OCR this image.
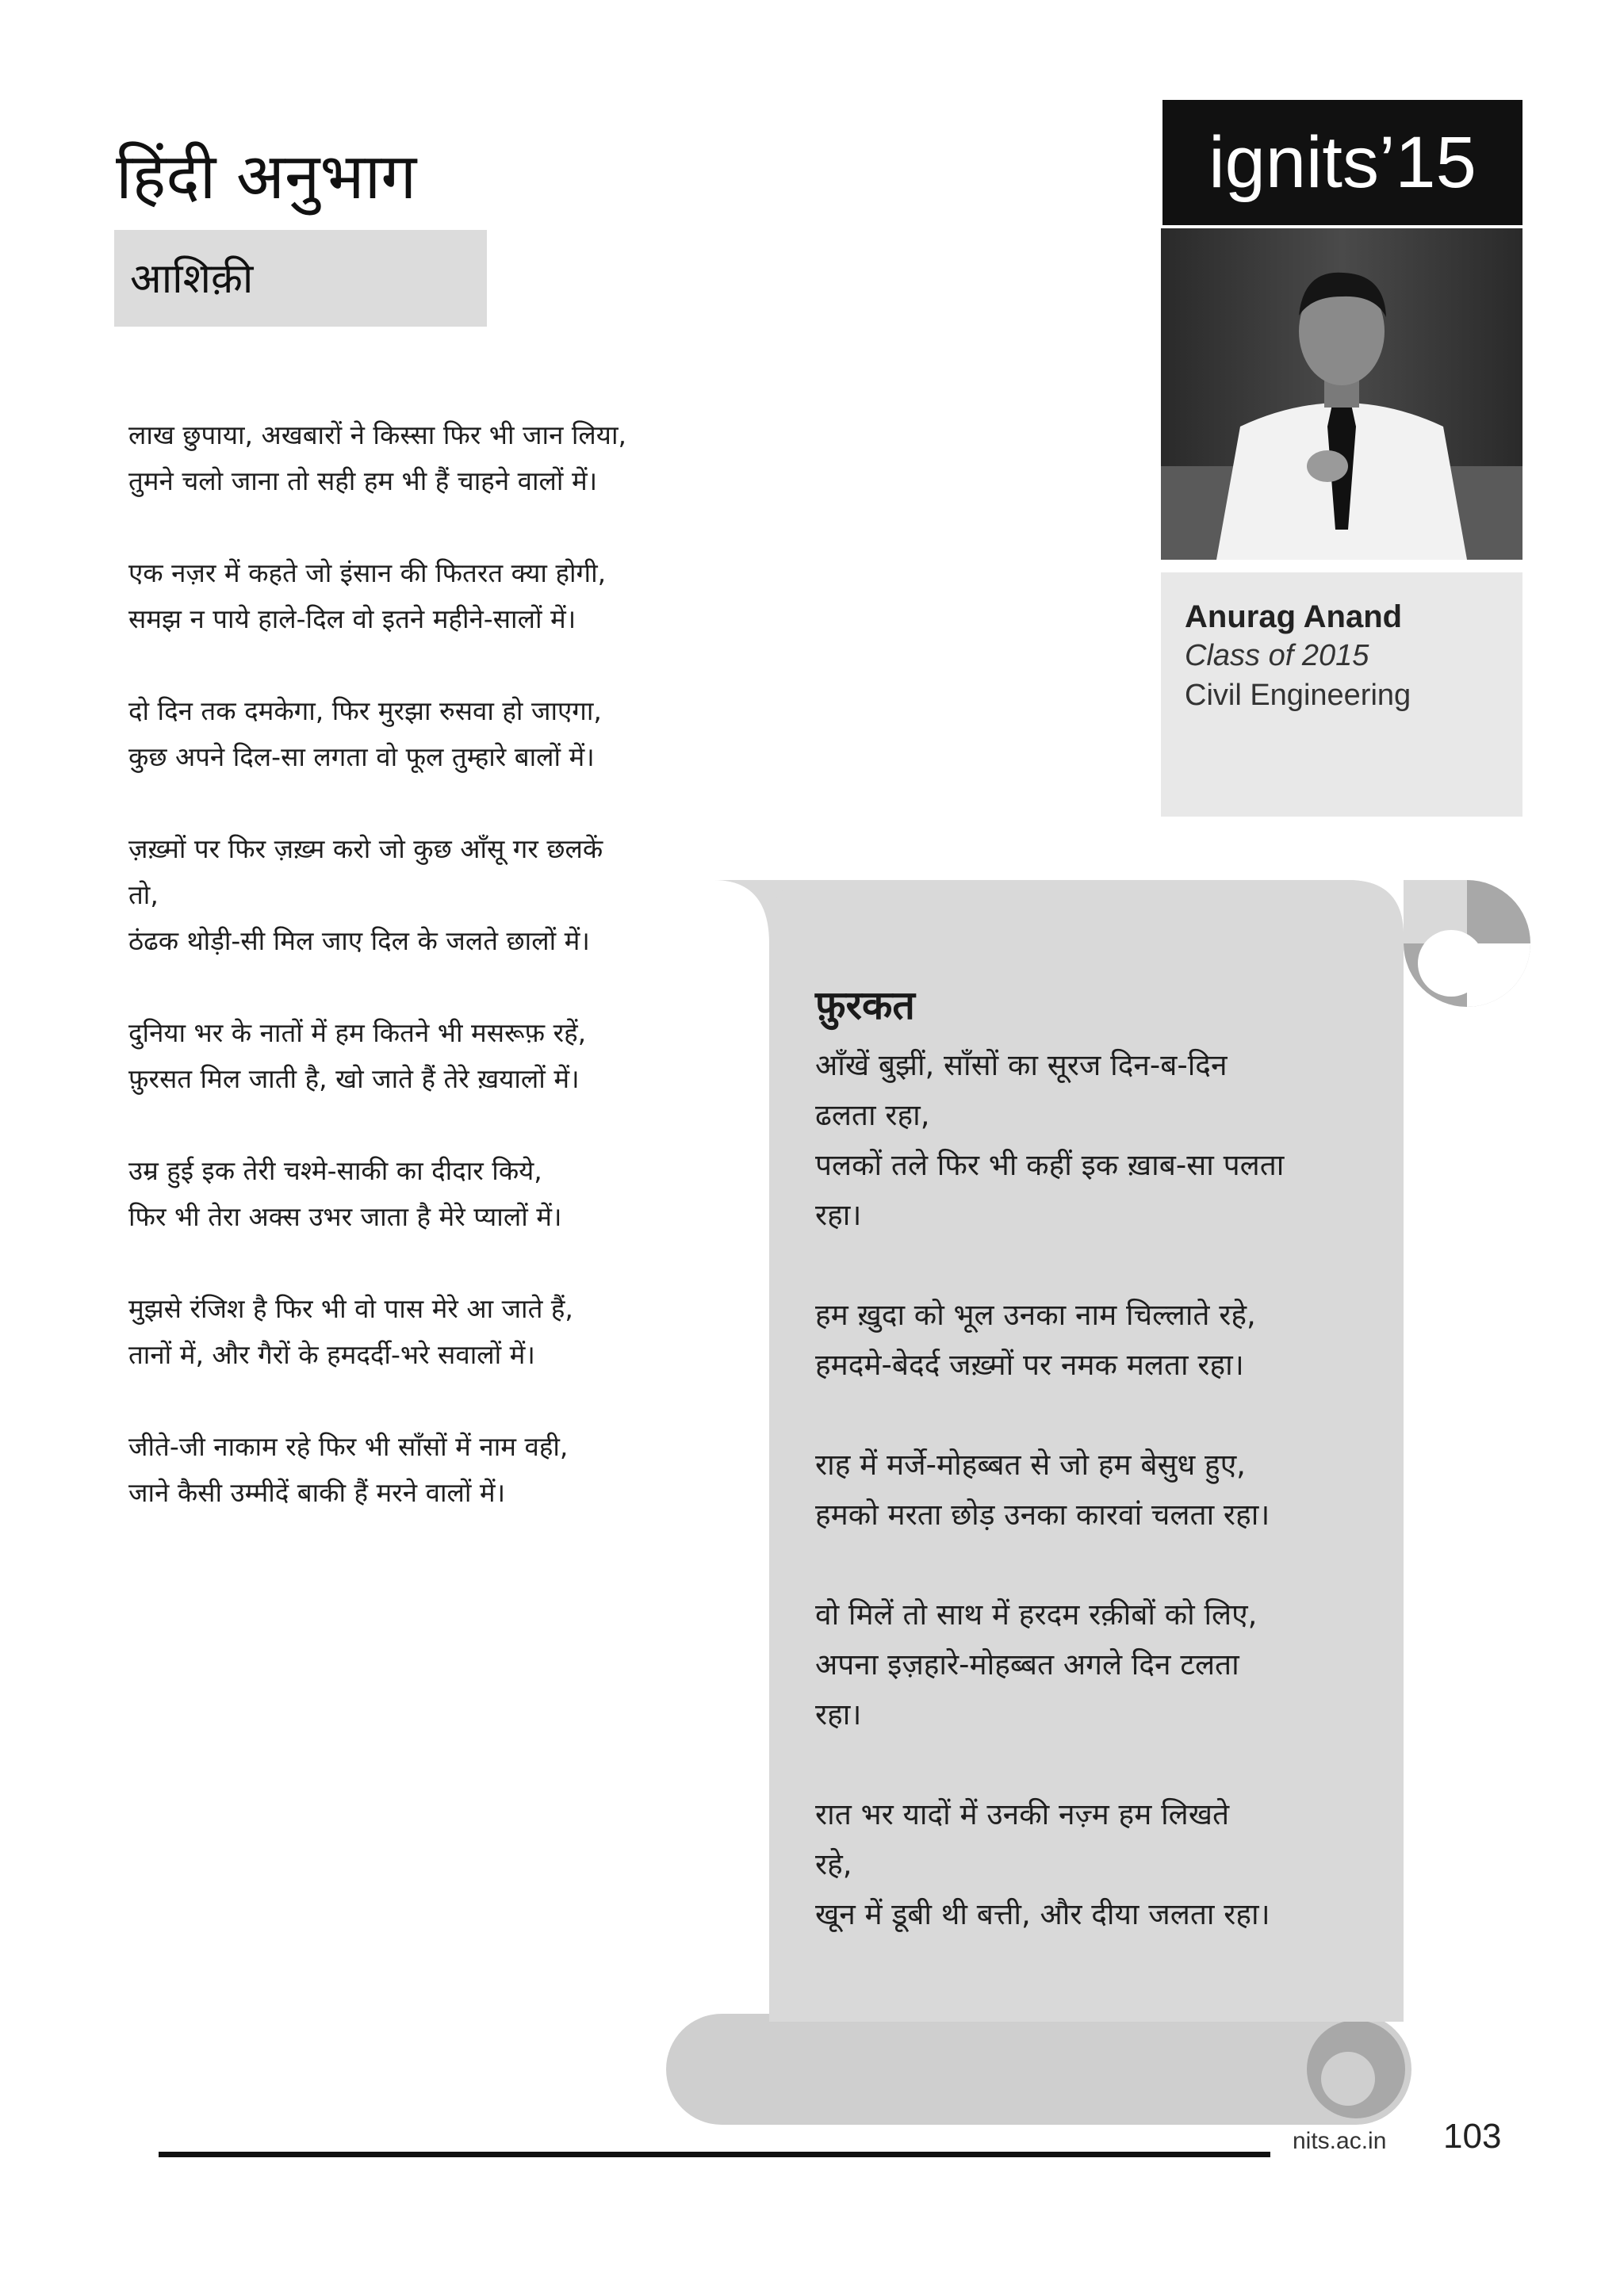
हिंदी अनुभाग
आशिक़ी

लाख छुपाया, अखबारों ने किस्सा फिर भी जान लिया,
तुमने चलो जाना तो सही हम भी हैं चाहने वालों में।

एक नज़र में कहते जो इंसान की फितरत क्या होगी,
समझ न पाये हाले-दिल वो इतने महीने-सालों में।

दो दिन तक दमकेगा, फिर मुरझा रुसवा हो जाएगा,
कुछ अपने दिल-सा लगता वो फूल तुम्हारे बालों में।

ज़ख़्मों पर फिर ज़ख़्म करो जो कुछ आँसू गर छलकें
तो,
ठंढक थोड़ी-सी मिल जाए दिल के जलते छालों में।

दुनिया भर के नातों में हम कितने भी मसरूफ़ रहें,
फ़ुरसत मिल जाती है, खो जाते हैं तेरे ख़यालों में।

उम्र हुई इक तेरी चश्मे-साकी का दीदार किये,
फिर भी तेरा अक्स उभर जाता है मेरे प्यालों में।

मुझसे रंजिश है फिर भी वो पास मेरे आ जाते हैं,
तानों में, और गैरों के हमदर्दी-भरे सवालों में।

जीते-जी नाकाम रहे फिर भी साँसों में नाम वही,
जाने कैसी उम्मीदें बाकी हैं मरने वालों में।

ignits’15
Anurag Anand
Class of 2015
Civil Engineering
फ़ुरकत

आँखें बुझीं, साँसों का सूरज दिन-ब-दिन
ढलता रहा,
पलकों तले फिर भी कहीं इक ख़ाब-सा पलता
रहा।

हम ख़ुदा को भूल उनका नाम चिल्लाते रहे,
हमदमे-बेदर्द जख़्मों पर नमक मलता रहा।

राह में मर्जे-मोहब्बत से जो हम बेसुध हुए,
हमको मरता छोड़ उनका कारवां चलता रहा।

वो मिलें तो साथ में हरदम रक़ीबों को लिए,
अपना इज़हारे-मोहब्बत अगले दिन टलता
रहा।

रात भर यादों में उनकी नज़्म हम लिखते
रहे,
खून में डूबी थी बत्ती, और दीया जलता रहा।

nits.ac.in 103
